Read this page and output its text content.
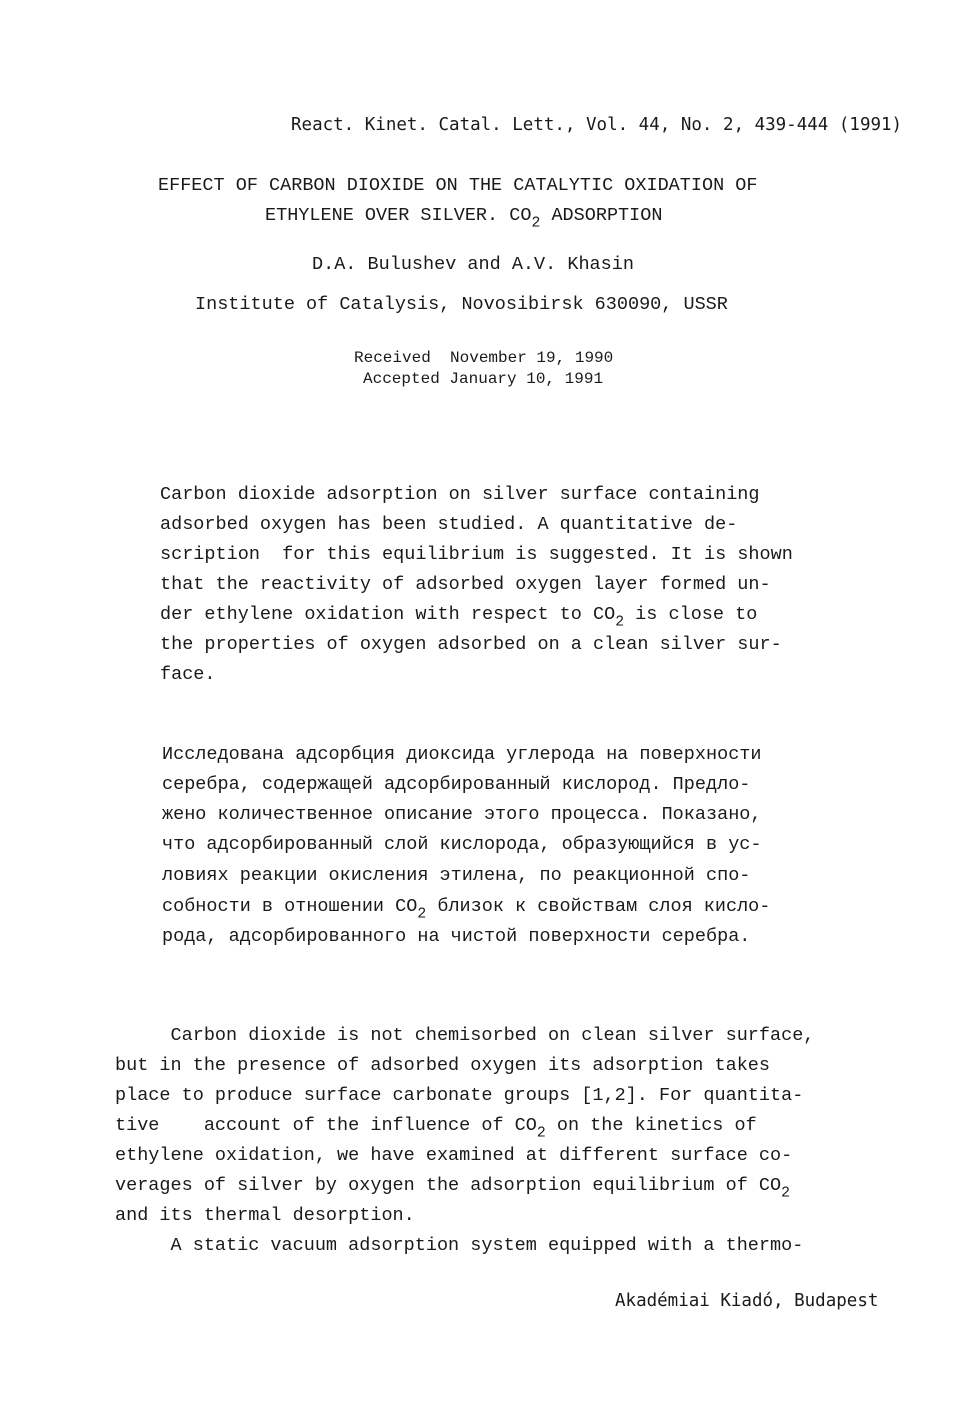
React. Kinet. Catal. Lett., Vol. 44, No. 2, 439-444 (1991)
EFFECT OF CARBON DIOXIDE ON THE CATALYTIC OXIDATION OF
ETHYLENE OVER SILVER. $CO_2$ ADSORPTION
D.A. Bulushev and A.V. Khasin
Institute of Catalysis, Novosibirsk 630090, USSR
Received  November 19, 1990
Accepted January 10, 1991
Carbon dioxide adsorption on silver surface containing
adsorbed oxygen has been studied. A quantitative de-
scription  for this equilibrium is suggested. It is shown
that the reactivity of adsorbed oxygen layer formed un-
der ethylene oxidation with respect to $CO_2$ is close to
the properties of oxygen adsorbed on a clean silver sur-
face.
Исследована адсорбция диоксида углерода на поверхности
серебра, содержащей адсорбированный кислород. Предло-
жено количественное описание этого процесса. Показано,
что адсорбированный слой кислорода, образующийся в ус-
ловиях реакции окисления этилена, по реакционной спо-
собности в отношении $CO_2$ близок к свойствам слоя кисло-
рода, адсорбированного на чистой поверхности серебра.
Carbon dioxide is not chemisorbed on clean silver surface,
but in the presence of adsorbed oxygen its adsorption takes
place to produce surface carbonate groups [1,2]. For quantita-
tive    account of the influence of $CO_2$ on the kinetics of
ethylene oxidation, we have examined at different surface co-
verages of silver by oxygen the adsorption equilibrium of $CO_2$
and its thermal desorption.
A static vacuum adsorption system equipped with a thermo-
Akadémiai Kiadó, Budapest
